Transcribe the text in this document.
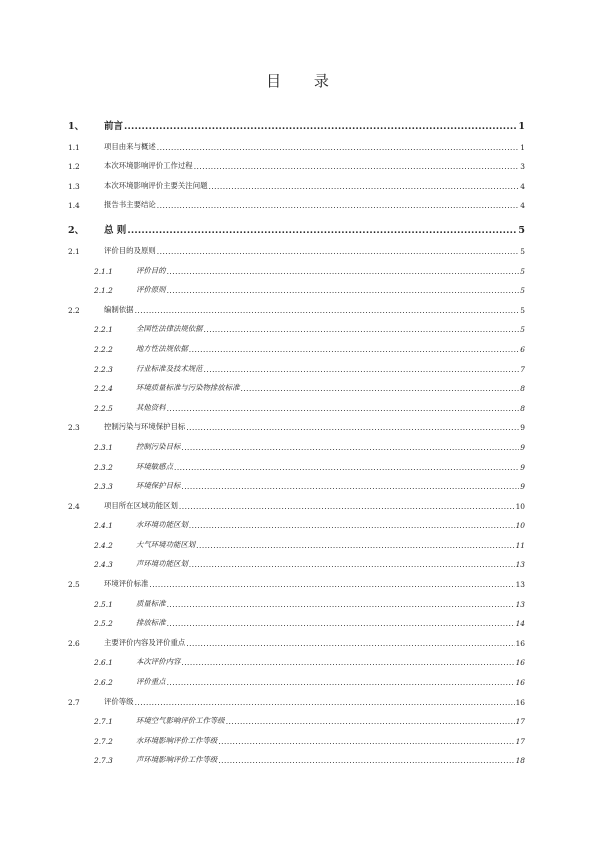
目 录
1、	前言 .....	1
1.1	项目由来与概述 .....	1
1.2	本次环境影响评价工作过程 .....	3
1.3	本次环境影响评价主要关注问题 .....	4
1.4	报告书主要结论 .....	4
2、	总 则 .....	5
2.1	评价目的及原则 .....	5
2.1.1	评价目的 .....	5
2.1.2	评价原则 .....	5
2.2	编制依据 .....	5
2.2.1	全国性法律法规依据 .....	5
2.2.2	地方性法规依据 .....	6
2.2.3	行业标准及技术规范 .....	7
2.2.4	环境质量标准与污染物排放标准 .....	8
2.2.5	其他资料 .....	8
2.3	控制污染与环境保护目标 .....	9
2.3.1	控制污染目标 .....	9
2.3.2	环境敏感点 .....	9
2.3.3	环境保护目标 .....	9
2.4	项目所在区域功能区划 .....	10
2.4.1	水环境功能区划 .....	10
2.4.2	大气环境功能区划 .....	11
2.4.3	声环境功能区划 .....	13
2.5	环境评价标准 .....	13
2.5.1	质量标准 .....	13
2.5.2	排放标准 .....	14
2.6	主要评价内容及评价重点 .....	16
2.6.1	本次评价内容 .....	16
2.6.2	评价重点 .....	16
2.7	评价等级 .....	16
2.7.1	环境空气影响评价工作等级 .....	17
2.7.2	水环境影响评价工作等级 .....	17
2.7.3	声环境影响评价工作等级 .....	18
